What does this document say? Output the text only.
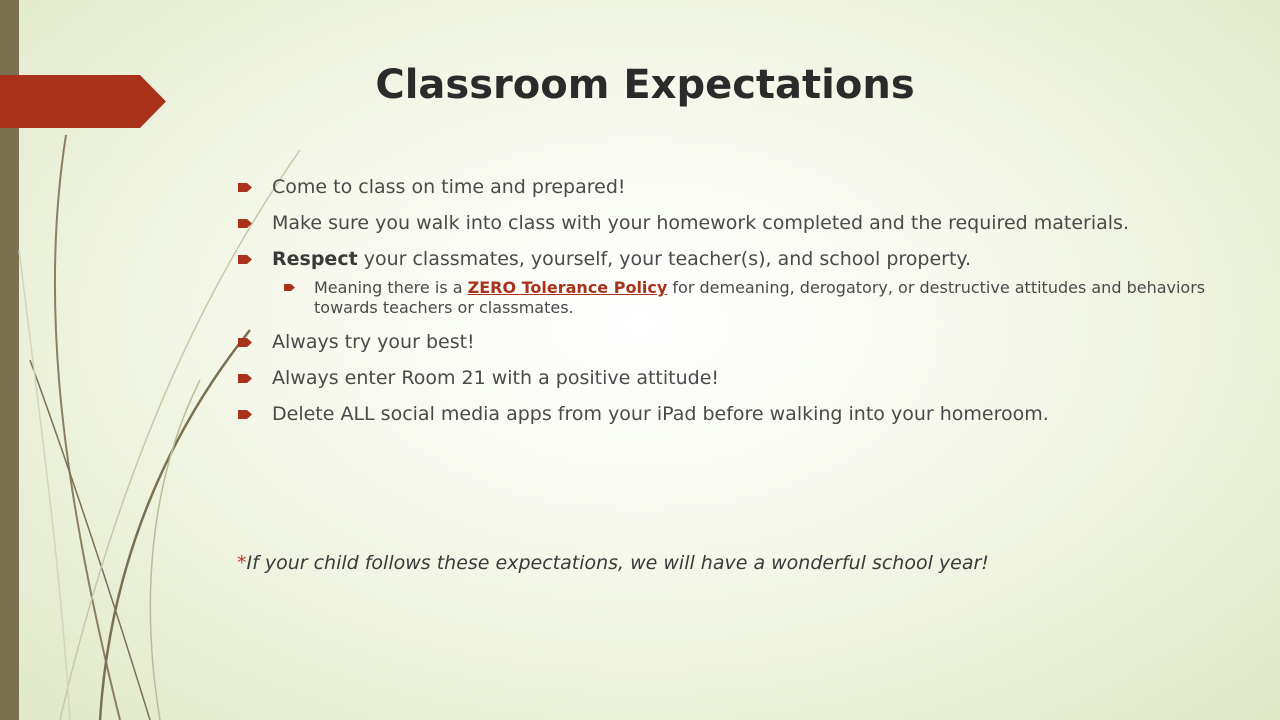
Classroom Expectations
Come to class on time and prepared!
Make sure you walk into class with your homework completed and the required materials.
Respect your classmates, yourself, your teacher(s), and school property.
Meaning there is a ZERO Tolerance Policy for demeaning, derogatory, or destructive attitudes and behaviors towards teachers or classmates.
Always try your best!
Always enter Room 21 with a positive attitude!
Delete ALL social media apps from your iPad before walking into your homeroom.
*If your child follows these expectations, we will have a wonderful school year!
